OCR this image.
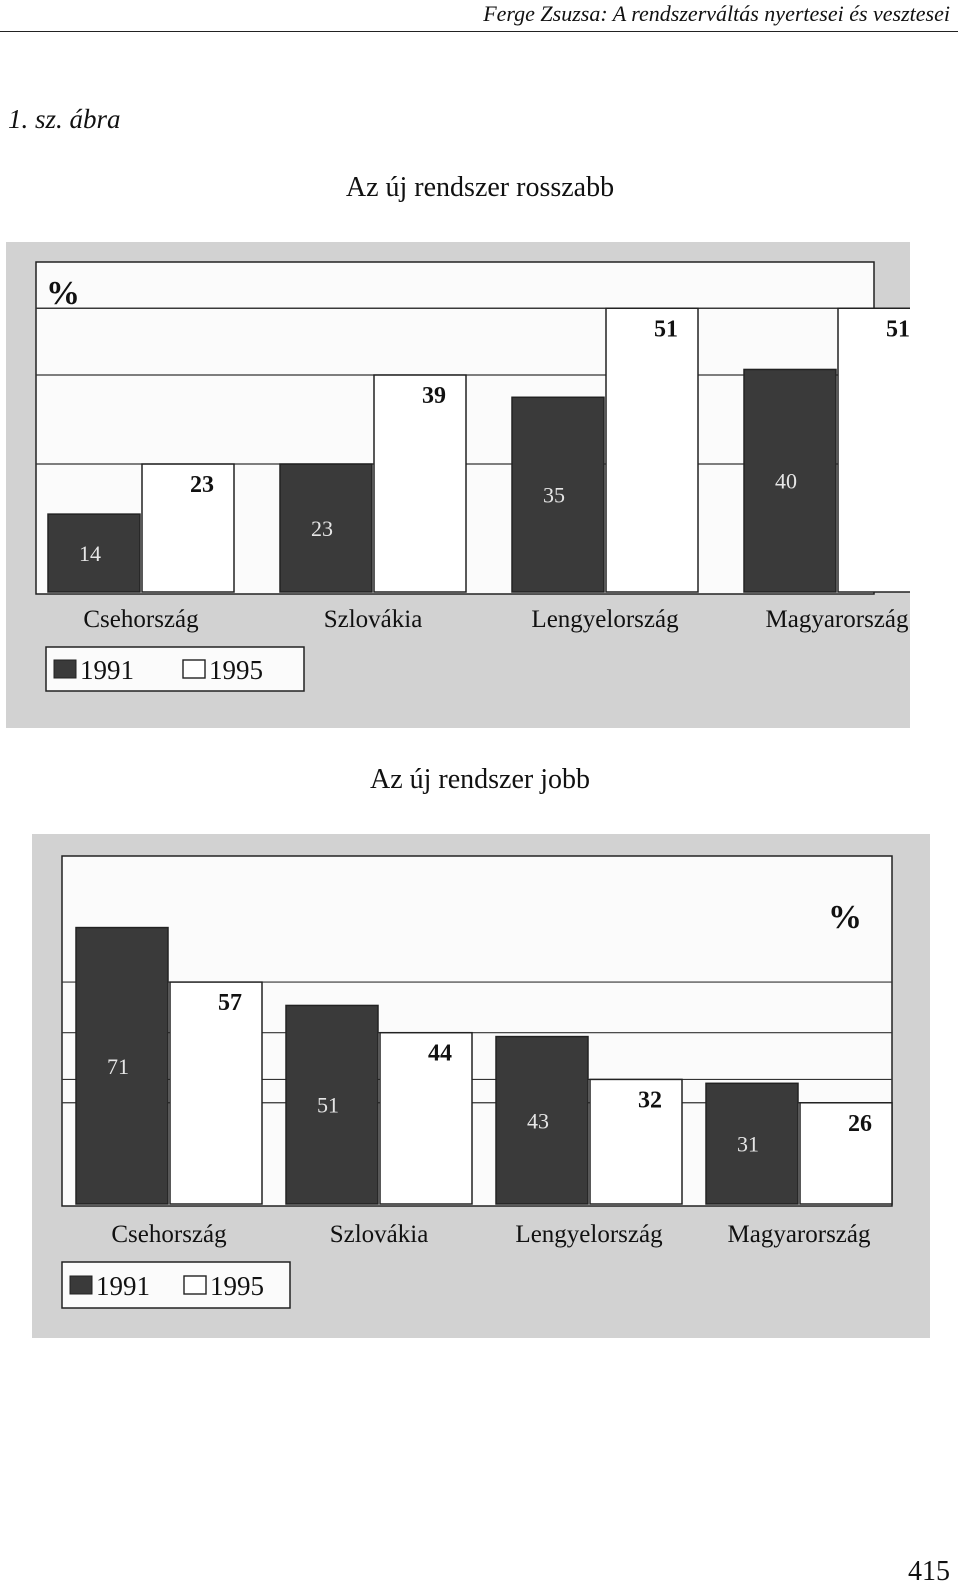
Ferge Zsuzsa: A rendszerváltás nyertesei és vesztesei
1. sz. ábra
Az új rendszer rosszabb
14
23
Csehország
23
39
Szlovákia
35
51
Lengyelország
40
51
Magyarország
%
1991	1995
Az új rendszer jobb
71
57
Csehország
51
44
Szlovákia
43
32
Lengyelország
31
26
Magyarország
%
1991 1995
415
